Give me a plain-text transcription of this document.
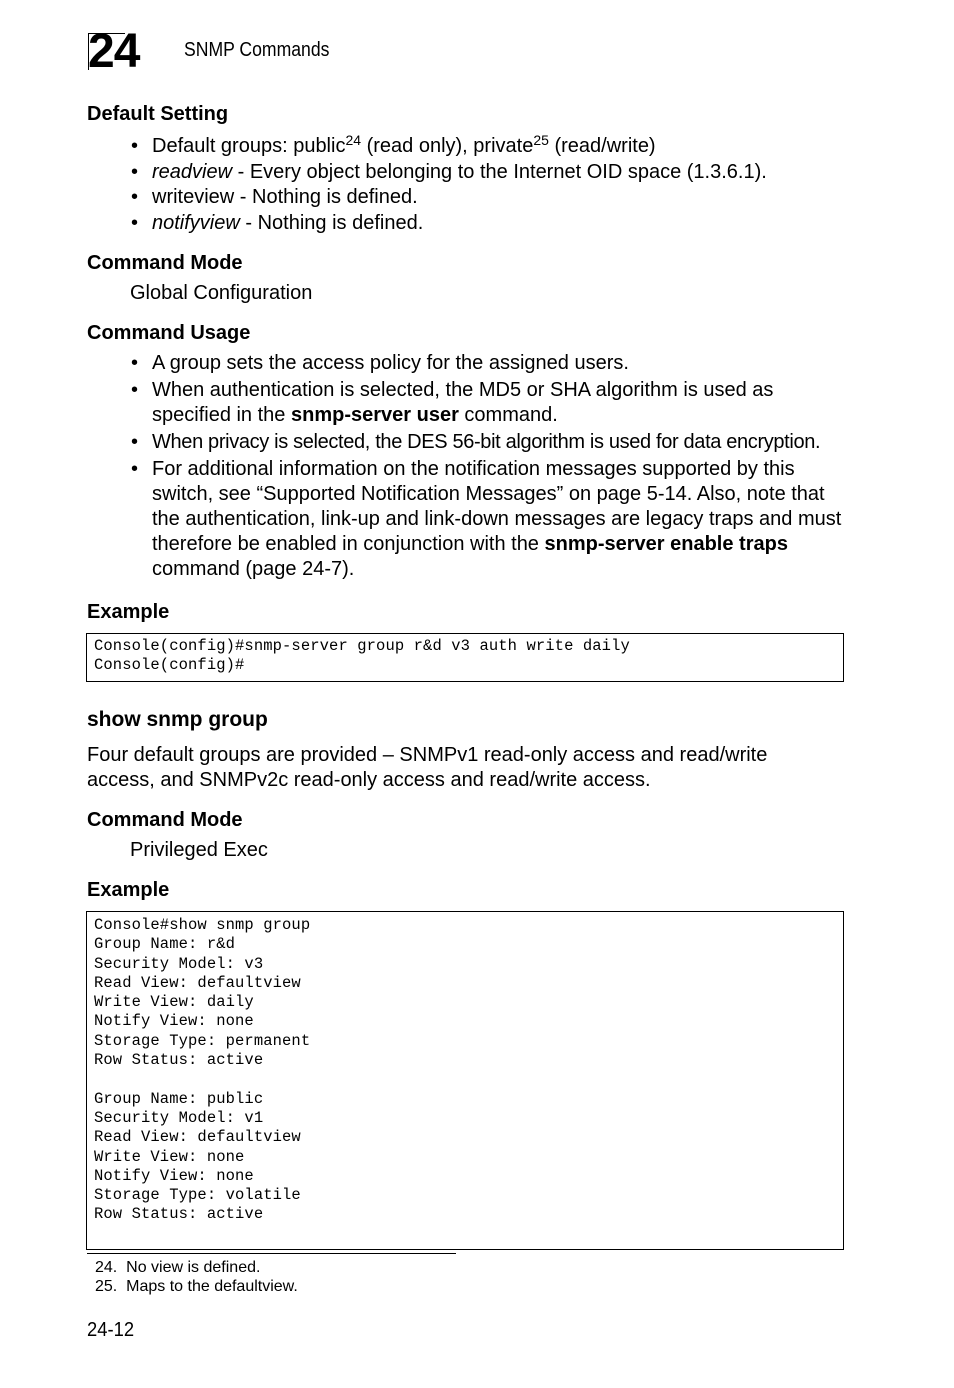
24	SNMP Commands
Default Setting
• Default groups: public$^{24}$ (read only), private$^{25}$ (read/write)
• readview - Every object belonging to the Internet OID space (1.3.6.1).
• writeview - Nothing is defined.
• notifyview - Nothing is defined.
Command Mode
Global Configuration
Command Usage
• A group sets the access policy for the assigned users.
• When authentication is selected, the MD5 or SHA algorithm is used as specified in the snmp-server user command.
• When privacy is selected, the DES 56-bit algorithm is used for data encryption.
• For additional information on the notification messages supported by this switch, see “Supported Notification Messages” on page 5-14. Also, note that the authentication, link-up and link-down messages are legacy traps and must therefore be enabled in conjunction with the snmp-server enable traps command (page 24-7).
Example
Console(config)#snmp-server group r&d v3 auth write daily
Console(config)#
show snmp group
Four default groups are provided – SNMPv1 read-only access and read/write access, and SNMPv2c read-only access and read/write access.
Command Mode
Privileged Exec
Example
Console#show snmp group
Group Name: r&d
Security Model: v3
Read View: defaultview
Write View: daily
Notify View: none
Storage Type: permanent
Row Status: active

Group Name: public
Security Model: v1
Read View: defaultview
Write View: none
Notify View: none
Storage Type: volatile
Row Status: active
24. No view is defined.
25. Maps to the defaultview.
24-12
